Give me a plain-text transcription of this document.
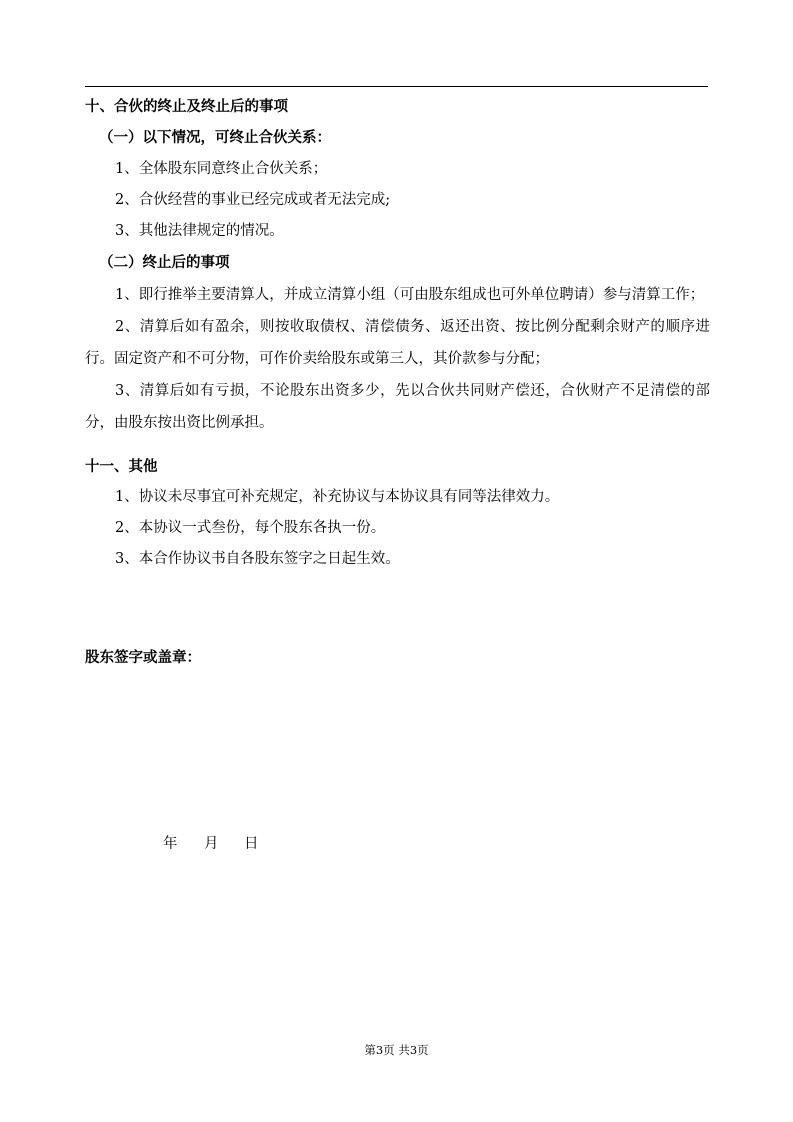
十、合伙的终止及终止后的事项
（一）以下情况，可终止合伙关系：

1、全体股东同意终止合伙关系；

2、合伙经营的事业已经完成或者无法完成;

3、其他法律规定的情况。

（二）终止后的事项

1、即行推举主要清算人，并成立清算小组（可由股东组成也可外单位聘请）参与清算工作；

2、清算后如有盈余，则按收取债权、清偿债务、返还出资、按比例分配剩余财产的顺序进行。固定资产和不可分物，可作价卖给股东或第三人，其价款参与分配；

3、清算后如有亏损，不论股东出资多少，先以合伙共同财产偿还，合伙财产不足清偿的部分，由股东按出资比例承担。

十一、其他

1、协议未尽事宜可补充规定，补充协议与本协议具有同等法律效力。

2、本协议一式叁份，每个股东各执一份。

3、本合作协议书自各股东签字之日起生效。

股东签字或盖章：
年 月 日
第3页 共3页
